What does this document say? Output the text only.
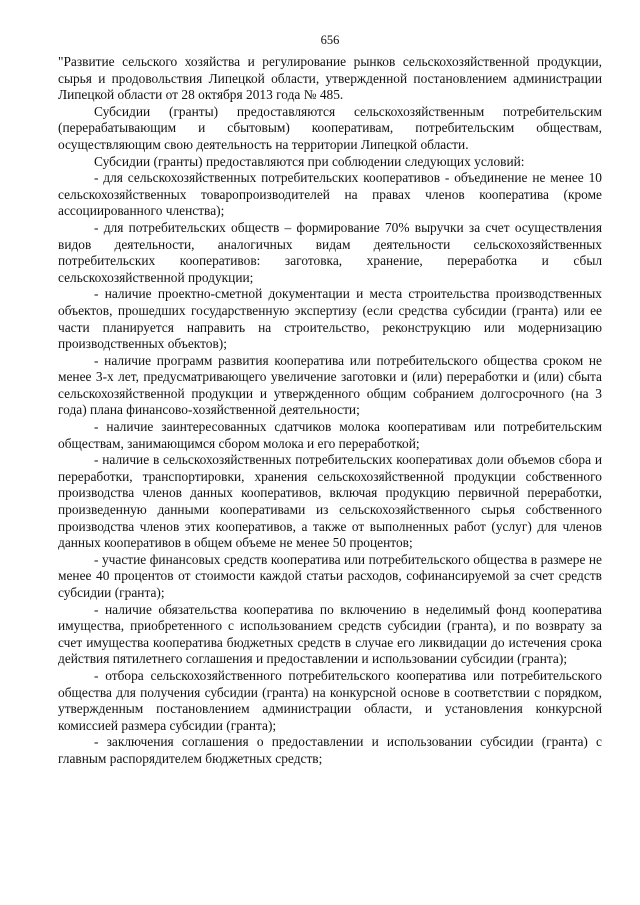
656

"Развитие сельского хозяйства и регулирование рынков сельскохозяйственной продукции, сырья и продовольствия Липецкой области, утвержденной постановлением администрации Липецкой области от 28 октября 2013 года № 485.

Субсидии (гранты) предоставляются сельскохозяйственным потребительским (перерабатывающим и сбытовым) кооперативам, потребительским обществам, осуществляющим свою деятельность на территории Липецкой области.

Субсидии (гранты) предоставляются при соблюдении следующих условий:

- для сельскохозяйственных потребительских кооперативов - объединение не менее 10 сельскохозяйственных товаропроизводителей на правах членов кооператива (кроме ассоциированного членства);

- для потребительских обществ – формирование 70% выручки за счет осуществления видов деятельности, аналогичных видам деятельности сельскохозяйственных потребительских кооперативов: заготовка, хранение, переработка и сбыл сельскохозяйственной продукции;

- наличие проектно-сметной документации и места строительства производственных объектов, прошедших государственную экспертизу (если средства субсидии (гранта) или ее части планируется направить на строительство, реконструкцию или модернизацию производственных объектов);

- наличие программ развития кооператива или потребительского общества сроком не менее 3-х лет, предусматривающего увеличение заготовки и (или) переработки и (или) сбыта сельскохозяйственной продукции и утвержденного общим собранием долгосрочного (на 3 года) плана финансово-хозяйственной деятельности;

- наличие заинтересованных сдатчиков молока кооперативам или потребительским обществам, занимающимся сбором молока и его переработкой;

- наличие в сельскохозяйственных потребительских кооперативах доли объемов сбора и переработки, транспортировки, хранения сельскохозяйственной продукции собственного производства членов данных кооперативов, включая продукцию первичной переработки, произведенную данными кооперативами из сельскохозяйственного сырья собственного производства членов этих кооперативов, а также от выполненных работ (услуг) для членов данных кооперативов в общем объеме не менее 50 процентов;

- участие финансовых средств кооператива или потребительского общества в размере не менее 40 процентов от стоимости каждой статьи расходов, софинансируемой за счет средств субсидии (гранта);

- наличие обязательства кооператива по включению в неделимый фонд кооператива имущества, приобретенного с использованием средств субсидии (гранта), и по возврату за счет имущества кооператива бюджетных средств в случае его ликвидации до истечения срока действия пятилетнего соглашения и предоставлении и использовании субсидии (гранта);

- отбора сельскохозяйственного потребительского кооператива или потребительского общества для получения субсидии (гранта) на конкурсной основе в соответствии с порядком, утвержденным постановлением администрации области, и установления конкурсной комиссией размера субсидии (гранта);

- заключения соглашения о предоставлении и использовании субсидии (гранта) с главным распорядителем бюджетных средств;
